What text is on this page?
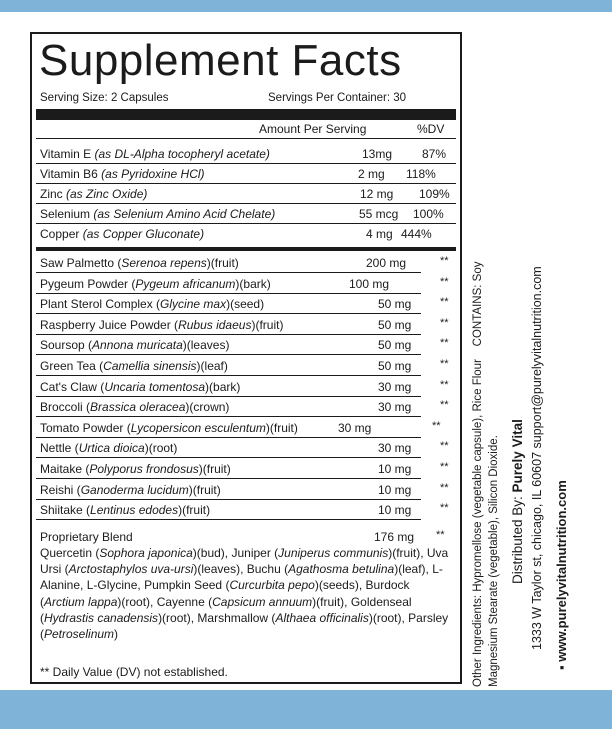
Supplement Facts
Serving Size: 2 Capsules	Servings Per Container: 30
Amount Per Serving	%DV
Vitamin E (as DL-Alpha tocopheryl acetate)	13mg 87%
Vitamin B6 (as Pyridoxine HCl)	2 mg 118%
Zinc (as Zinc Oxide)	12 mg 109%
Selenium (as Selenium Amino Acid Chelate)	55 mcg 100%
Copper (as Copper Gluconate)	4 mg 444%
Saw Palmetto (Serenoa repens)(fruit)	200 mg	**
Pygeum Powder (Pygeum africanum)(bark)	100 mg	**
Plant Sterol Complex (Glycine max)(seed)	50 mg	**
Raspberry Juice Powder (Rubus idaeus)(fruit)	50 mg	**
Soursop (Annona muricata)(leaves)	50 mg	**
Green Tea (Camellia sinensis)(leaf)	50 mg	**
Cat's Claw (Uncaria tomentosa)(bark)	30 mg	**
Broccoli (Brassica oleracea)(crown)	30 mg	**
Tomato Powder (Lycopersicon esculentum)(fruit)	30 mg	**
Nettle (Urtica dioica)(root)	30 mg	**
Maitake (Polyporus frondosus)(fruit)	10 mg	**
Reishi (Ganoderma lucidum)(fruit)	10 mg	**
Shiitake (Lentinus edodes)(fruit)	10 mg	**
Proprietary Blend	176 mg **
Quercetin (Sophora japonica)(bud), Juniper (Juniperus communis)(fruit), Uva Ursi (Arctostaphylos uva-ursi)(leaves), Buchu (Agathosma betulina)(leaf), L-Alanine, L-Glycine, Pumpkin Seed (Curcurbita pepo)(seeds), Burdock (Arctium lappa)(root), Cayenne (Capsicum annuum)(fruit), Goldenseal (Hydrastis canadensis)(root), Marshmallow (Althaea officinalis)(root), Parsley (Petroselinum)
** Daily Value (DV) not established.	Other Ingredients: Hypromellose (vegetable capsule), Rice Flour    CONTAINS: Soy
Magnesium Stearate (vegetable), Silicon Dioxide. Distributed By: Purely Vital 1333 W Taylor st, chicago, IL 60607 support@purelyvitalnutrition.com ▪ www.purelyvitalnutrition.com
